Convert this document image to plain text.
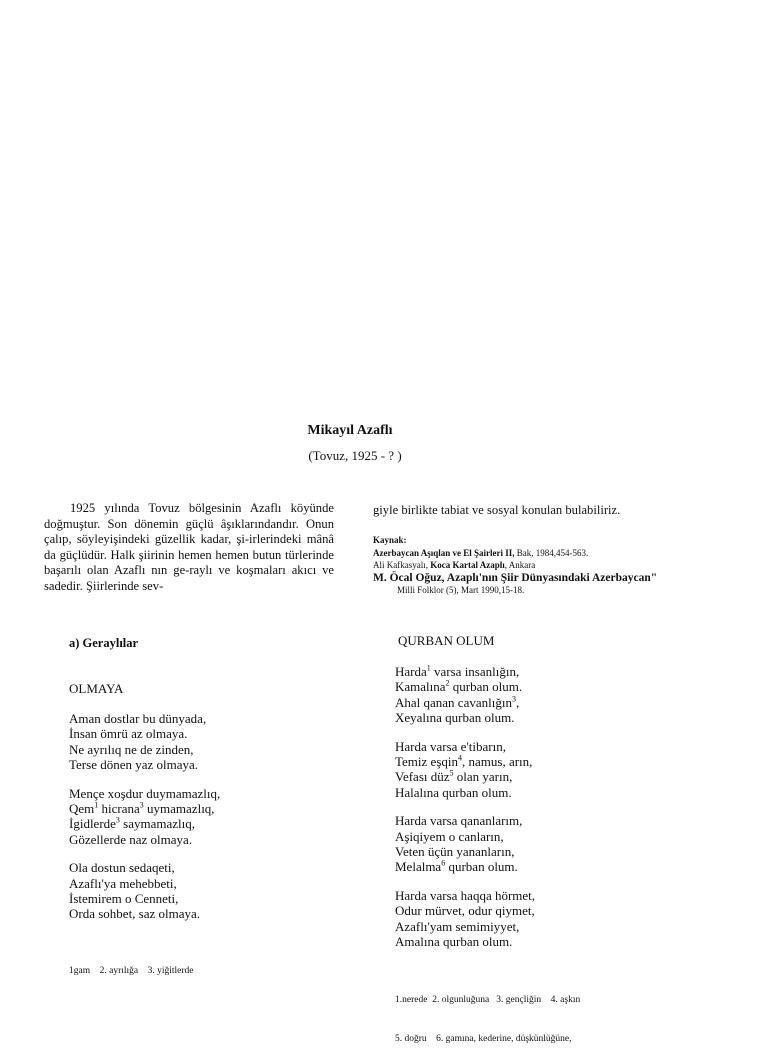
Mikayıl Azaflı
(Tovuz, 1925 - ? )

1925 yılında Tovuz bölgesinin Azaflı köyünde doğmuştur. Son dönemin güçlü âşıklarındandır. Onun çalıp, söyleyişindeki güzellik kadar, şi-irlerindeki mânâ da güçlüdür. Halk şiirinin hemen hemen butun türlerinde başarılı olan Azaflı nın ge-raylı ve koşmaları akıcı ve sadedir. Şiirlerinde sev-

giyle birlikte tabiat ve sosyal konulan bulabiliriz.
Kaynak:
Azerbaycan Aşıqlan ve El Şairleri II, Bak, 1984,454-563.
Ali Kafkasyalı, Koca Kartal Azaplı, Ankara
M. Öcal Oğuz, Azaplı'nın Şiir Dünyasındaki Azerbaycan"
Milli Folklor (5), Mart 1990,15-18.
a) Geraylılar
OLMAYA
Aman dostlar bu dünyada,
İnsan ömrü az olmaya.
Ne ayrılıq ne de zinden,
Terse dönen yaz olmaya.
Mençe xoşdur duymamazlıq,
Qem$^1$ hicrana$^3$ uymamazlıq,
İgidlerde$^3$ saymamazlıq,
Gözellerde naz olmaya.
Ola dostun sedaqeti,
Azaflı'ya mehebbeti,
İstemirem o Cenneti,
Orda sohbet, saz olmaya.
1gam    2. ayrılığa    3. yiğitlerde
QURBAN OLUM
Harda$^1$ varsa insanlığın,
Kamalına$^2$ qurban olum.
Ahal qanan cavanlığın$^3$,
Xeyalına qurban olum.
Harda varsa e'tibarın,
Temiz eşqin$^4$, namus, arın,
Vefası düz$^5$ olan yarın,
Halalına qurban olum.
Harda varsa qananlarım,
Aşiqiyem o canların,
Veten üçün yananların,
Melalma$^6$ qurban olum.
Harda varsa haqqa hörmet,
Odur mürvet, odur qiymet,
Azaflı'yam semimiyyet,
Amalına qurban olum.

1.nerede  2. olgunluğuna   3. gençliğin    4. aşkın

5. doğru    6. gamına, kederine, düşkünlüğüne,
